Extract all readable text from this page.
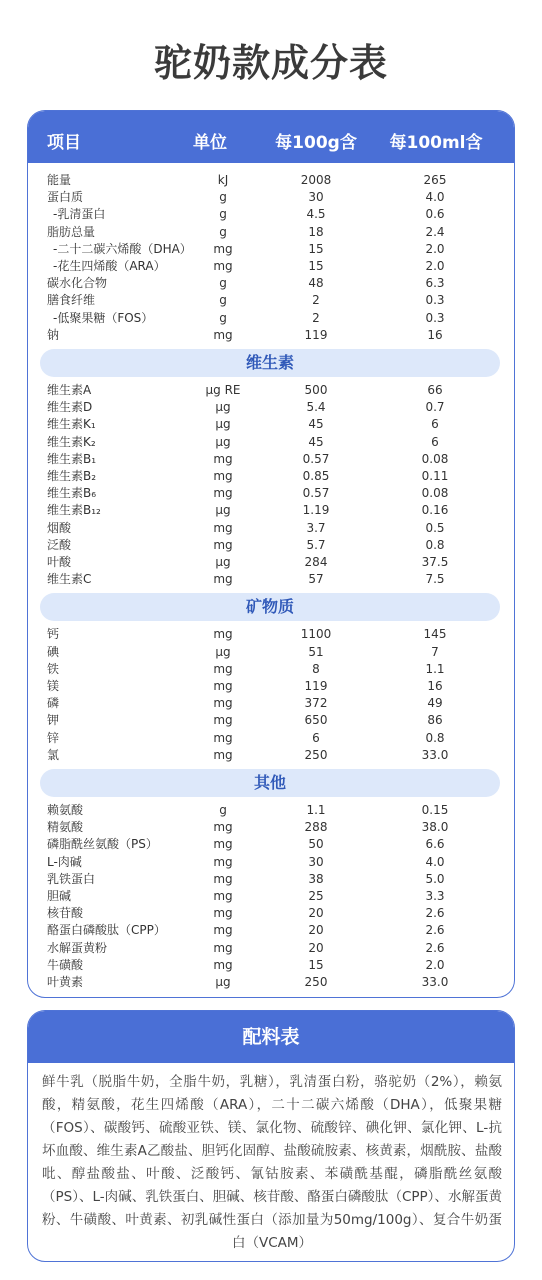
驼奶款成分表
项目	单位	每100g含	每100ml含
能量	kJ	2008	265
蛋白质	g	30	4.0
-乳清蛋白	g	4.5	0.6
脂肪总量	g	18	2.4
-二十二碳六烯酸（DHA）	mg	15	2.0
-花生四烯酸（ARA）	mg	15	2.0
碳水化合物	g	48	6.3
膳食纤维	g	2	0.3
-低聚果糖（FOS）	g	2	0.3
钠	mg	119	16
维生素
维生素A	μg RE	500	66
维生素D	μg	5.4	0.7
维生素K₁	μg	45	6
维生素K₂	μg	45	6
维生素B₁	mg	0.57	0.08
维生素B₂	mg	0.85	0.11
维生素B₆	mg	0.57	0.08
维生素B₁₂	μg	1.19	0.16
烟酸	mg	3.7	0.5
泛酸	mg	5.7	0.8
叶酸	μg	284	37.5
维生素C	mg	57	7.5
矿物质
钙	mg	1100	145
碘	μg	51	7
铁	mg	8	1.1
镁	mg	119	16
磷	mg	372	49
钾	mg	650	86
锌	mg	6	0.8
氯	mg	250	33.0
其他
赖氨酸	g	1.1	0.15
精氨酸	mg	288	38.0
磷脂酰丝氨酸（PS）	mg	50	6.6
L-肉碱	mg	30	4.0
乳铁蛋白	mg	38	5.0
胆碱	mg	25	3.3
核苷酸	mg	20	2.6
酪蛋白磷酸肽（CPP）	mg	20	2.6
水解蛋黄粉	mg	20	2.6
牛磺酸	mg	15	2.0
叶黄素	μg	250	33.0
配料表
鲜牛乳（脱脂牛奶，全脂牛奶，乳糖），乳清蛋白粉，骆驼奶（2%），赖氨酸，精氨酸，花生四烯酸（ARA），二十二碳六烯酸（DHA），低聚果糖（FOS）、碳酸钙、硫酸亚铁、镁、氯化物、硫酸锌、碘化钾、氯化钾、L-抗坏血酸、维生素A乙酸盐、胆钙化固醇、盐酸硫胺素、核黄素，烟酰胺、盐酸吡、醇盐酸盐、叶酸、泛酸钙、氰钴胺素、苯磺酰基醌，磷脂酰丝氨酸（PS）、L-肉碱、乳铁蛋白、胆碱、核苷酸、酪蛋白磷酸肽（CPP）、水解蛋黄粉、牛磺酸、叶黄素、初乳碱性蛋白（添加量为50mg/100g）、复合牛奶蛋白（VCAM）
